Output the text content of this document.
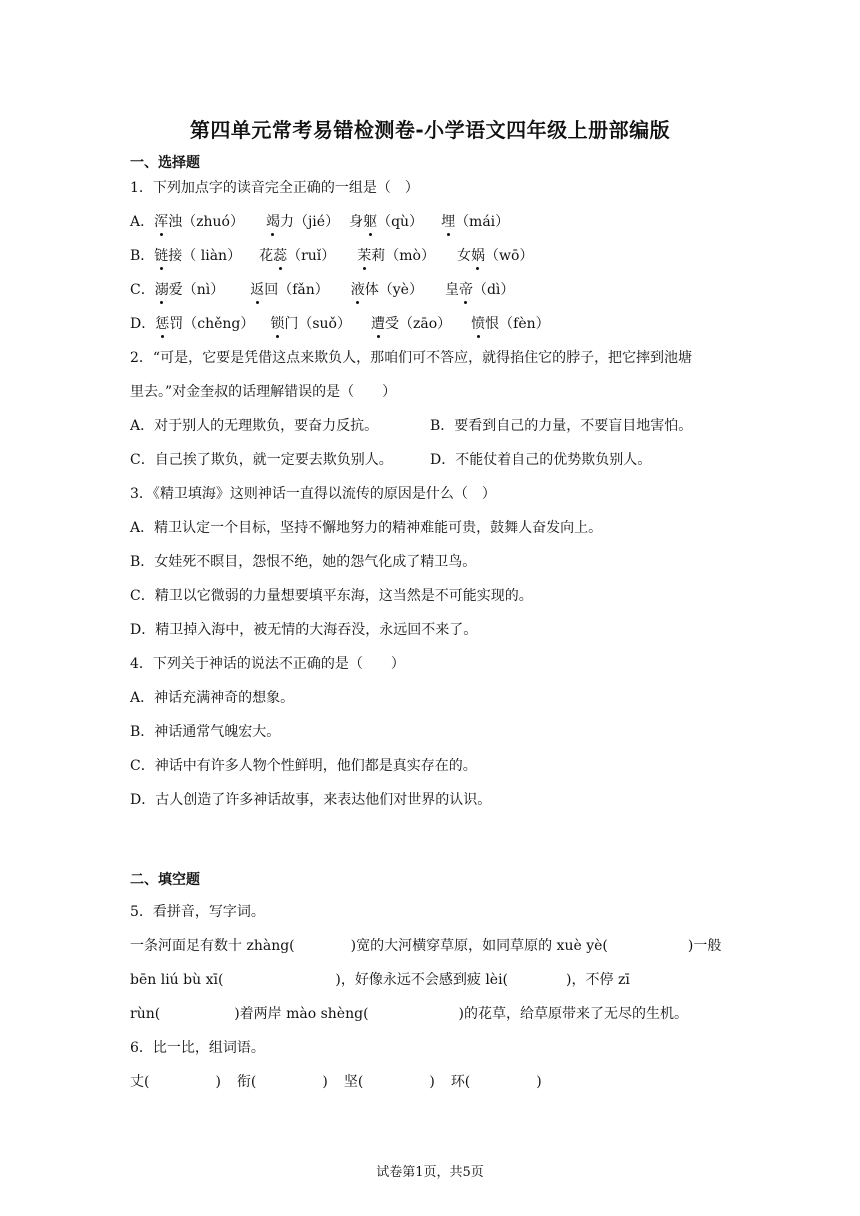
第四单元常考易错检测卷-小学语文四年级上册部编版
一、选择题
1．下列加点字的读音完全正确的一组是（　）
A．浑浊（zhuó） 竭力（jié） 身躯（qù） 埋（mái）
B．链接（ liàn） 花蕊（ruǐ） 茉莉（mò） 女娲（wō）
C．溺爱（nì） 返回（fǎn） 液体（yè） 皇帝（dì）
D．惩罚（chěng） 锁门（suǒ） 遭受（zāo） 愤恨（fèn）
2．“可是，它要是凭借这点来欺负人，那咱们可不答应，就得掐住它的脖子，把它摔到池塘
里去。”对金奎叔的话理解错误的是（　　）
A．对于别人的无理欺负，要奋力反抗。	B．要看到自己的力量，不要盲目地害怕。
C．自己挨了欺负，就一定要去欺负别人。	D．不能仗着自己的优势欺负别人。
3．《精卫填海》这则神话一直得以流传的原因是什么（　）
A．精卫认定一个目标，坚持不懈地努力的精神难能可贵，鼓舞人奋发向上。
B．女娃死不瞑目，怨恨不绝，她的怨气化成了精卫鸟。
C．精卫以它微弱的力量想要填平东海，这当然是不可能实现的。
D．精卫掉入海中，被无情的大海吞没，永远回不来了。
4．下列关于神话的说法不正确的是（　　）
A．神话充满神奇的想象。
B．神话通常气魄宏大。
C．神话中有许多人物个性鲜明，他们都是真实存在的。
D．古人创造了许多神话故事，来表达他们对世界的认识。
二、填空题
5．看拼音，写字词。
一条河面足有数十 zhàng(	)宽的大河横穿草原，如同草原的 xuè yè(	)一般
bēn liú bù xī(	)，好像永远不会感到疲 lèi(	)，不停 zī
rùn(	)着两岸 mào shèng(	)的花草，给草原带来了无尽的生机。
6．比一比，组词语。
丈(	) 衔(	) 坚(	) 环(	)
试卷第1页，共5页
